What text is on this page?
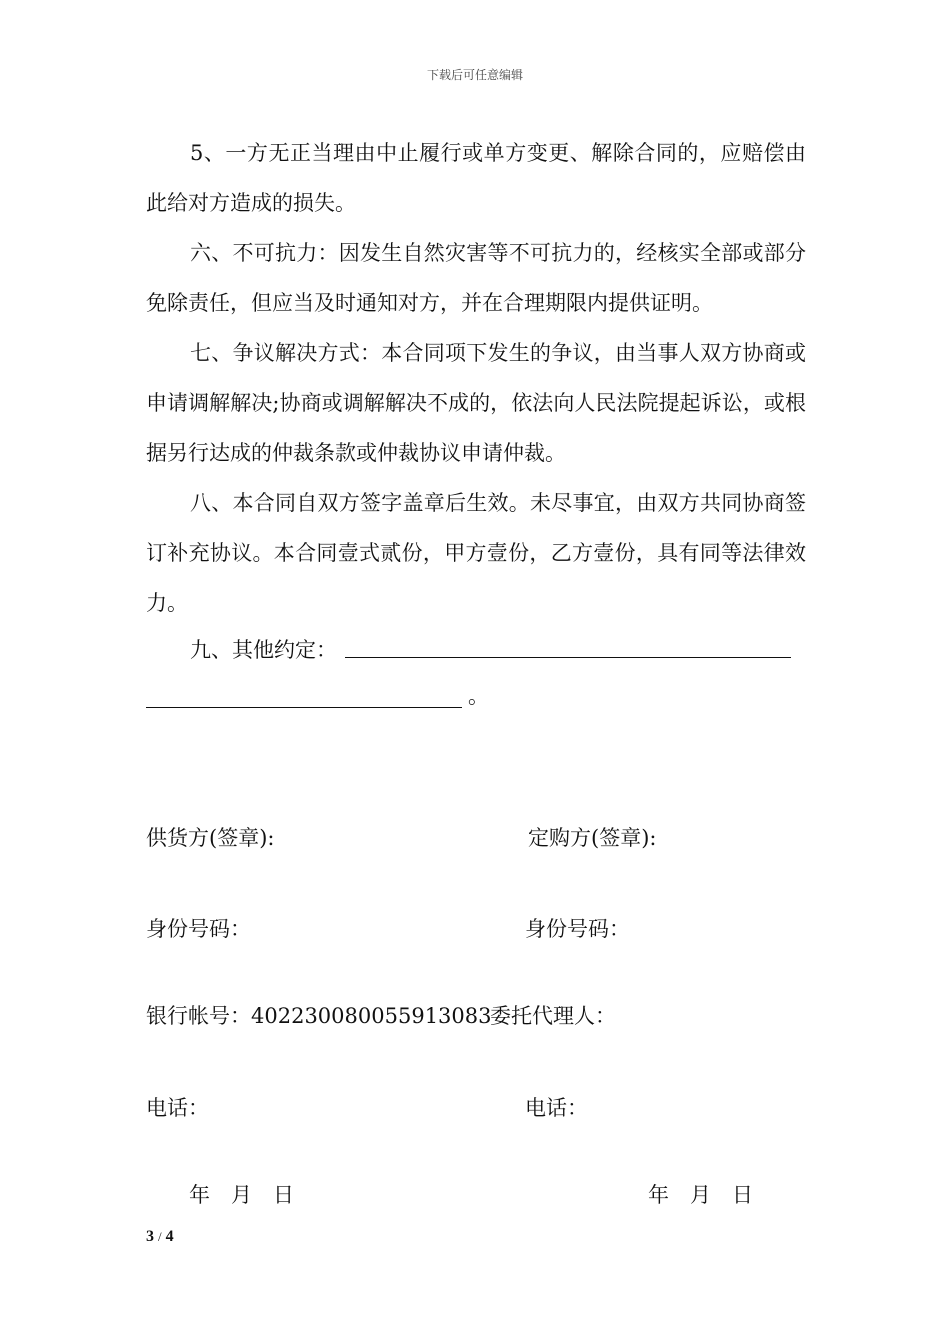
下载后可任意编辑

5、一方无正当理由中止履行或单方变更、解除合同的，应赔偿由此给对方造成的损失。

六、不可抗力：因发生自然灾害等不可抗力的，经核实全部或部分免除责任，但应当及时通知对方，并在合理期限内提供证明。

七、争议解决方式：本合同项下发生的争议，由当事人双方协商或申请调解解决;协商或调解解决不成的，依法向人民法院提起诉讼，或根据另行达成的仲裁条款或仲裁协议申请仲裁。

八、本合同自双方签字盖章后生效。未尽事宜，由双方共同协商签订补充协议。本合同壹式贰份，甲方壹份，乙方壹份，具有同等法律效力。

九、其他约定：
。
供货方(签章):	定购方(签章):
身份号码：	身份号码：
银行帐号：402230080055913083
委托代理人：
电话：	电话：
年　月　日	年　月　日
3 / 4
